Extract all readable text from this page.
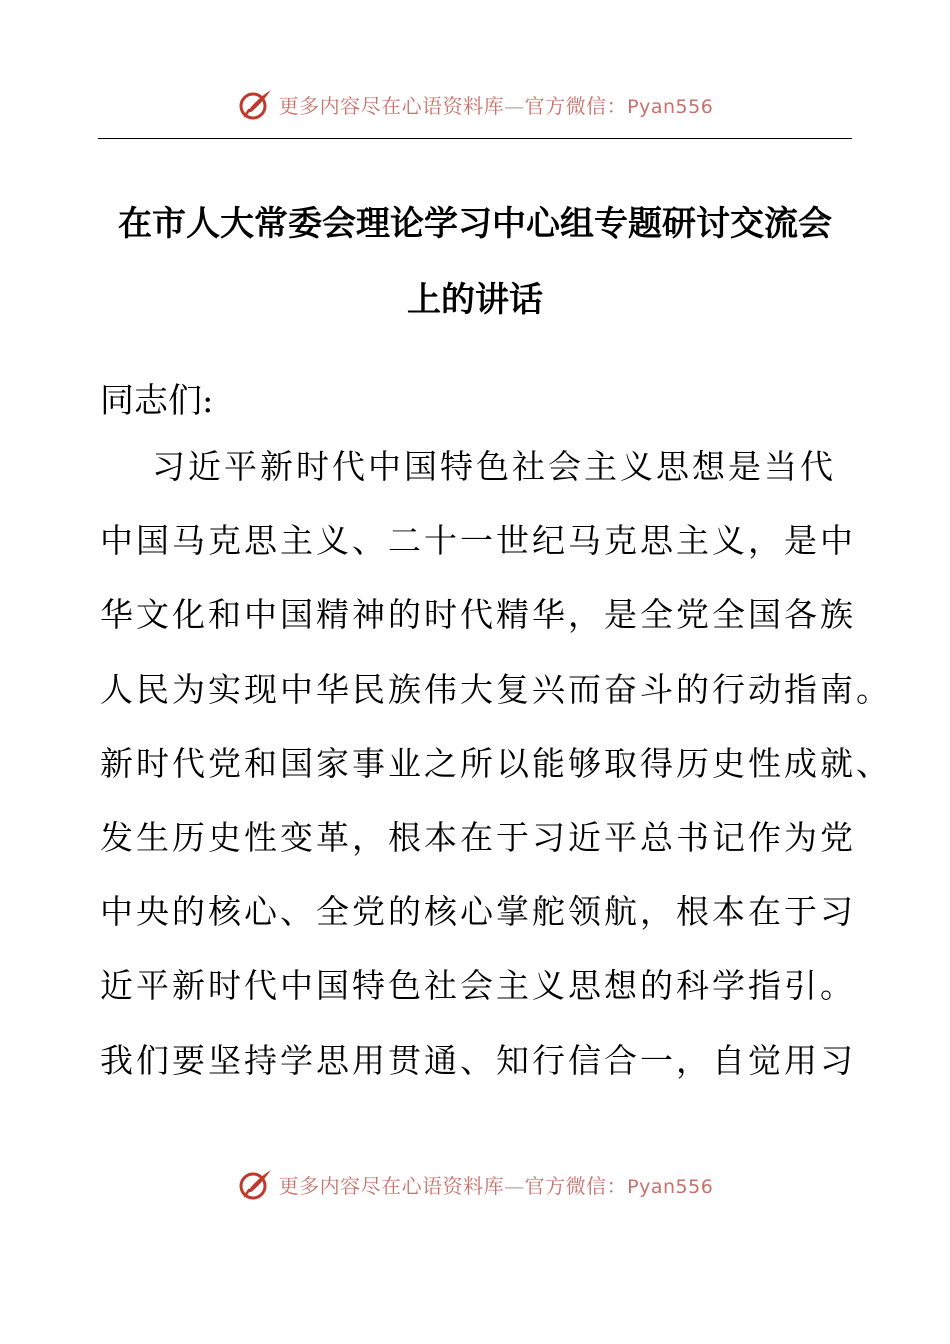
更多内容尽在心语资料库—官方微信：Pyan556
在市人大常委会理论学习中心组专题研讨交流会
上的讲话

同志们:

习近平新时代中国特色社会主义思想是当代
中国马克思主义、二十一世纪马克思主义，是中
华文化和中国精神的时代精华，是全党全国各族
人民为实现中华民族伟大复兴而奋斗的行动指南。
新时代党和国家事业之所以能够取得历史性成就、
发生历史性变革，根本在于习近平总书记作为党
中央的核心、全党的核心掌舵领航，根本在于习
近平新时代中国特色社会主义思想的科学指引。
我们要坚持学思用贯通、知行信合一，自觉用习

更多内容尽在心语资料库—官方微信：Pyan556
